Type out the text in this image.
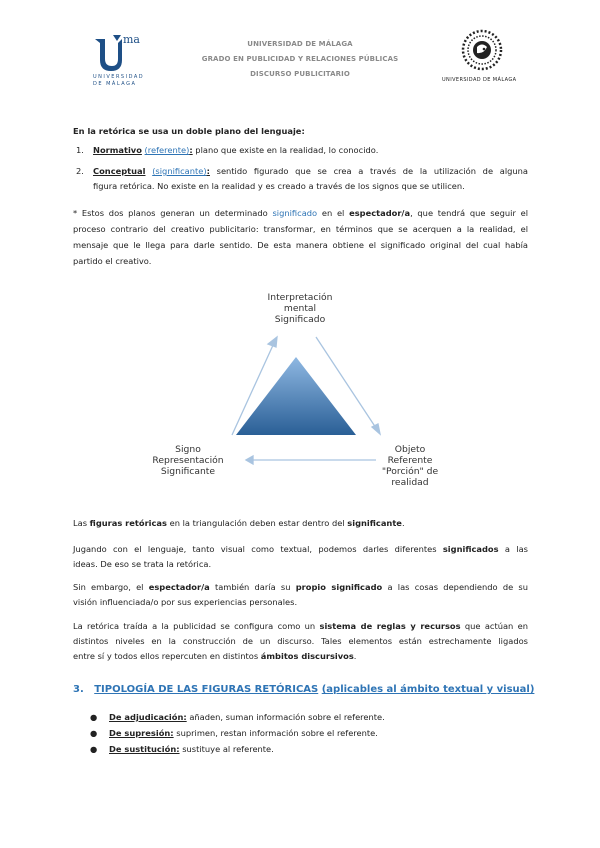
ma
UNIVERSIDAD
DE MÁLAGA
UNIVERSIDAD DE MÁLAGA
GRADO EN PUBLICIDAD Y RELACIONES PÚBLICAS
DISCURSO PUBLICITARIO
UNIVERSIDAD DE MÁLAGA
En la retórica se usa un doble plano del lenguaje:
1. Normativo (referente): plano que existe en la realidad, lo conocido.
2. Conceptual (significante): sentido figurado que se crea a través de la utilización de alguna
figura retórica. No existe en la realidad y es creado a través de los signos que se utilicen.
* Estos dos planos generan un determinado significado en el espectador/a, que tendrá que seguir el
proceso contrario del creativo publicitario: transformar, en términos que se acerquen a la realidad, el
mensaje que le llega para darle sentido. De esta manera obtiene el significado original del cual había
partido el creativo.
Interpretación
mental
Significado
Signo
Representación
Significante
Objeto
Referente
"Porción" de
realidad
Las figuras retóricas en la triangulación deben estar dentro del significante.
Jugando con el lenguaje, tanto visual como textual, podemos darles diferentes significados a las
ideas. De eso se trata la retórica.
Sin embargo, el espectador/a también daría su propio significado a las cosas dependiendo de su
visión influenciada/o por sus experiencias personales.
La retórica traída a la publicidad se configura como un sistema de reglas y recursos que actúan en
distintos niveles en la construcción de un discurso. Tales elementos están estrechamente ligados
entre sí y todos ellos repercuten en distintos ámbitos discursivos.
3. TIPOLOGÍA DE LAS FIGURAS RETÓRICAS (aplicables al ámbito textual y visual)
● De adjudicación: añaden, suman información sobre el referente.
● De supresión: suprimen, restan información sobre el referente.
● De sustitución: sustituye al referente.
